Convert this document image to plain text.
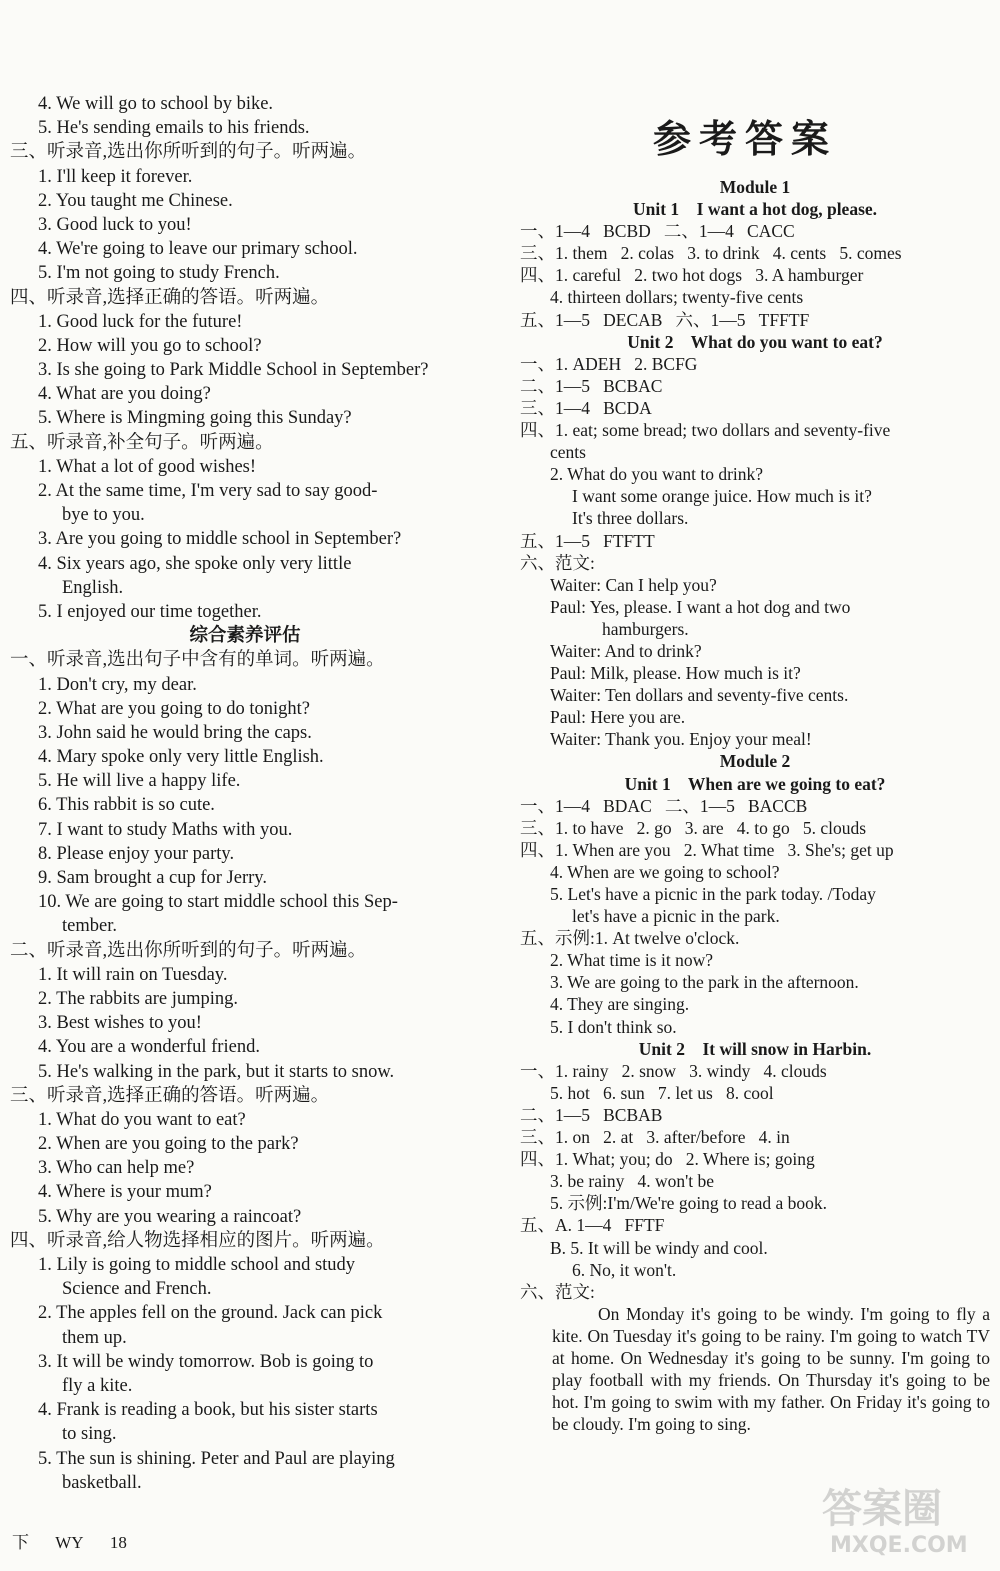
4. We will go to school by bike.
5. He's sending emails to his friends.
三、听录音,选出你所听到的句子。听两遍。
1. I'll keep it forever.
2. You taught me Chinese.
3. Good luck to you!
4. We're going to leave our primary school.
5. I'm not going to study French.
四、听录音,选择正确的答语。听两遍。
1. Good luck for the future!
2. How will you go to school?
3. Is she going to Park Middle School in September?
4. What are you doing?
5. Where is Mingming going this Sunday?
五、听录音,补全句子。听两遍。
1. What a lot of good wishes!
2. At the same time, I'm very sad to say good-
bye to you.
3. Are you going to middle school in September?
4. Six years ago, she spoke only very little
English.
5. I enjoyed our time together.
综合素养评估
一、听录音,选出句子中含有的单词。听两遍。
1. Don't cry, my dear.
2. What are you going to do tonight?
3. John said he would bring the caps.
4. Mary spoke only very little English.
5. He will live a happy life.
6. This rabbit is so cute.
7. I want to study Maths with you.
8. Please enjoy your party.
9. Sam brought a cup for Jerry.
10. We are going to start middle school this Sep-
tember.
二、听录音,选出你所听到的句子。听两遍。
1. It will rain on Tuesday.
2. The rabbits are jumping.
3. Best wishes to you!
4. You are a wonderful friend.
5. He's walking in the park, but it starts to snow.
三、听录音,选择正确的答语。听两遍。
1. What do you want to eat?
2. When are you going to the park?
3. Who can help me?
4. Where is your mum?
5. Why are you wearing a raincoat?
四、听录音,给人物选择相应的图片。听两遍。
1. Lily is going to middle school and study
Science and French.
2. The apples fell on the ground. Jack can pick
them up.
3. It will be windy tomorrow. Bob is going to
fly a kite.
4. Frank is reading a book, but his sister starts
to sing.
5. The sun is shining. Peter and Paul are playing
basketball.
参考答案
Module 1
Unit 1    I want a hot dog, please.
一、1—4   BCBD   二、1—4   CACC
三、1. them   2. colas   3. to drink   4. cents   5. comes
四、1. careful   2. two hot dogs   3. A hamburger
4. thirteen dollars; twenty-five cents
五、1—5   DECAB   六、1—5   TFFTF
Unit 2    What do you want to eat?
一、1. ADEH   2. BCFG
二、1—5   BCBAC
三、1—4   BCDA
四、1. eat; some bread; two dollars and seventy-five
cents
2. What do you want to drink?
I want some orange juice. How much is it?
It's three dollars.
五、1—5   FTFTT
六、范文:
Waiter: Can I help you?
Paul: Yes, please. I want a hot dog and two
hamburgers.
Waiter: And to drink?
Paul: Milk, please. How much is it?
Waiter: Ten dollars and seventy-five cents.
Paul: Here you are.
Waiter: Thank you. Enjoy your meal!
Module 2
Unit 1    When are we going to eat?
一、1—4   BDAC   二、1—5   BACCB
三、1. to have   2. go   3. are   4. to go   5. clouds
四、1. When are you   2. What time   3. She's; get up
4. When are we going to school?
5. Let's have a picnic in the park today. /Today
let's have a picnic in the park.
五、示例:1. At twelve o'clock.
2. What time is it now?
3. We are going to the park in the afternoon.
4. They are singing.
5. I don't think so.
Unit 2    It will snow in Harbin.
一、1. rainy   2. snow   3. windy   4. clouds
5. hot   6. sun   7. let us   8. cool
二、1—5   BCBAB
三、1. on   2. at   3. after/before   4. in
四、1. What; you; do   2. Where is; going
3. be rainy   4. won't be
5. 示例:I'm/We're going to read a book.
五、A. 1—4   FFTF
B. 5. It will be windy and cool.
6. No, it won't.
六、范文:
On Monday it's going to be windy. I'm going to fly a kite. On Tuesday it's going to be rainy. I'm going to watch TV at home. On Wednesday it's going to be sunny. I'm going to play football with my friends. On Thursday it's going to be hot. I'm going to swim with my father. On Friday it's going to be cloudy. I'm going to sing.
下 WY 18
答案圈
MXQE.COM
